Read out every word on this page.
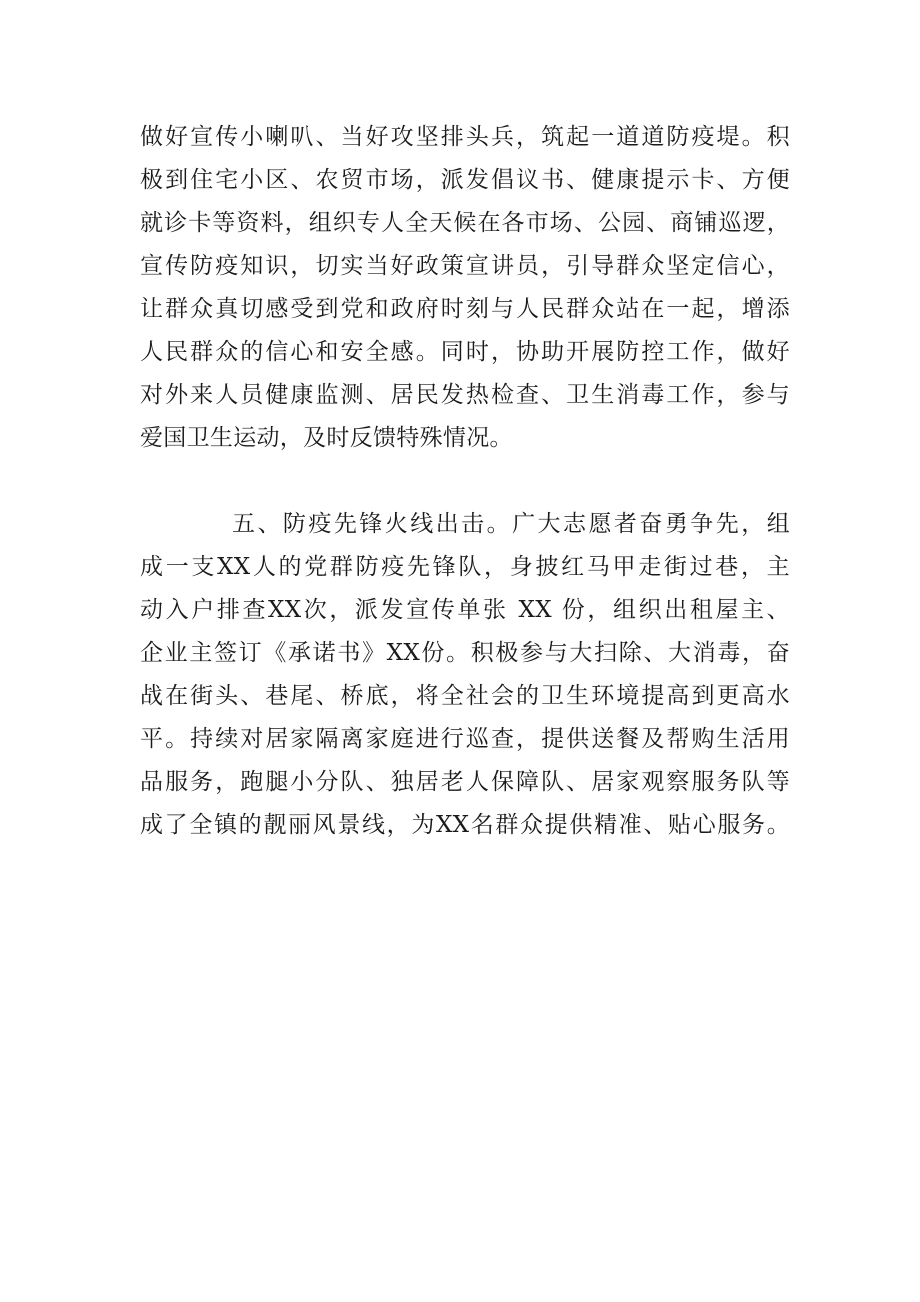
做好宣传小喇叭、当好攻坚排头兵，筑起一道道防疫堤。积
极到住宅小区、农贸市场，派发倡议书、健康提示卡、方便
就诊卡等资料，组织专人全天候在各市场、公园、商铺巡逻，
宣传防疫知识，切实当好政策宣讲员，引导群众坚定信心，
让群众真切感受到党和政府时刻与人民群众站在一起，增添
人民群众的信心和安全感。同时，协助开展防控工作，做好
对外来人员健康监测、居民发热检查、卫生消毒工作，参与
爱国卫生运动，及时反馈特殊情况。
五、防疫先锋火线出击。广大志愿者奋勇争先，组
成一支XX人的党群防疫先锋队，身披红马甲走街过巷，主
动入户排查XX次，派发宣传单张 XX 份，组织出租屋主、
企业主签订《承诺书》XX份。积极参与大扫除、大消毒，奋
战在街头、巷尾、桥底，将全社会的卫生环境提高到更高水
平。持续对居家隔离家庭进行巡查，提供送餐及帮购生活用
品服务，跑腿小分队、独居老人保障队、居家观察服务队等
成了全镇的靓丽风景线，为XX名群众提供精准、贴心服务。
